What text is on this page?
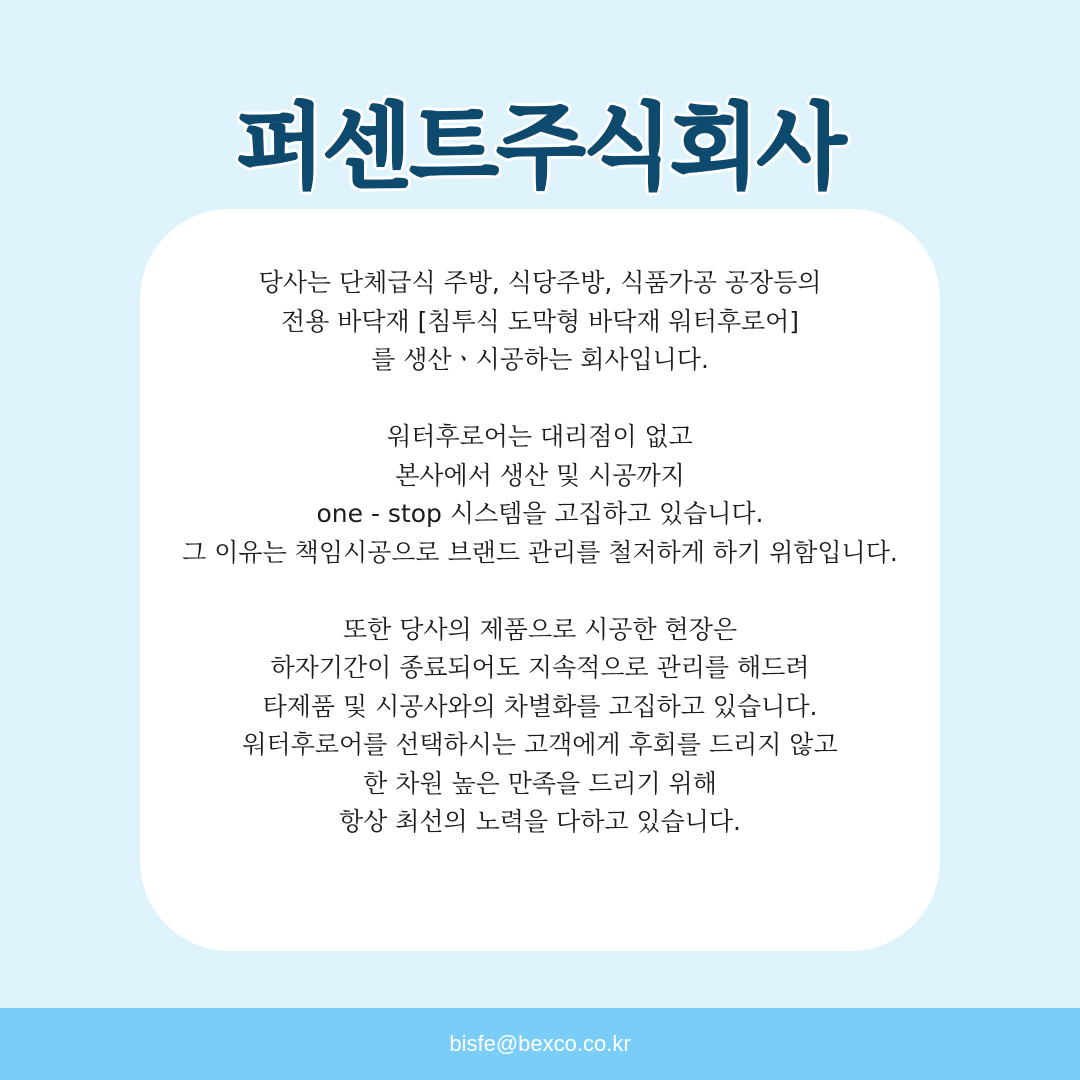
퍼센트주식회사
당사는 단체급식 주방, 식당주방, 식품가공 공장등의
전용 바닥재 [침투식 도막형 바닥재 워터후로어]
를 생산ㆍ시공하는 회사입니다.
워터후로어는 대리점이 없고
본사에서 생산 및 시공까지
one - stop 시스템을 고집하고 있습니다.
그 이유는 책임시공으로 브랜드 관리를 철저하게 하기 위함입니다.
또한 당사의 제품으로 시공한 현장은
하자기간이 종료되어도 지속적으로 관리를 해드려
타제품 및 시공사와의 차별화를 고집하고 있습니다.
워터후로어를 선택하시는 고객에게 후회를 드리지 않고
한 차원 높은 만족을 드리기 위해
항상 최선의 노력을 다하고 있습니다.
bisfe@bexco.co.kr
